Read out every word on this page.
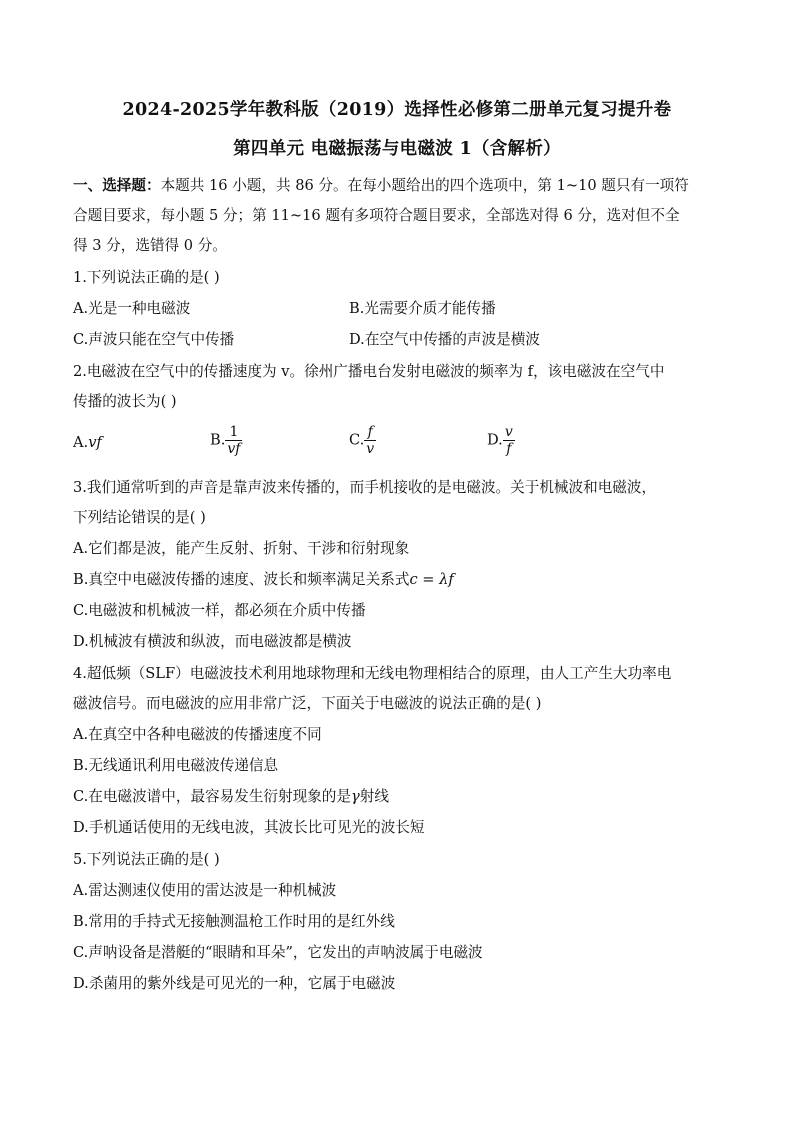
2024-2025学年教科版（2019）选择性必修第二册单元复习提升卷
第四单元 电磁振荡与电磁波 1（含解析）
一、选择题：本题共 16 小题，共 86 分。在每小题给出的四个选项中，第 1~10 题只有一项符
合题目要求，每小题 5 分；第 11~16 题有多项符合题目要求，全部选对得 6 分，选对但不全
得 3 分，选错得 0 分。
1.下列说法正确的是( )
A.光是一种电磁波	B.光需要介质才能传播
C.声波只能在空气中传播	D.在空气中传播的声波是横波
2.电磁波在空气中的传播速度为 v。徐州广播电台发射电磁波的频率为 f，该电磁波在空气中
传播的波长为( )
A.vf	B. $\frac{1}{vf}$	C. $\frac{f}{v}$	D. $\frac{v}{f}$
3.我们通常听到的声音是靠声波来传播的，而手机接收的是电磁波。关于机械波和电磁波，
下列结论错误的是( )
A.它们都是波，能产生反射、折射、干涉和衍射现象
B.真空中电磁波传播的速度、波长和频率满足关系式c = λf
C.电磁波和机械波一样，都必须在介质中传播
D.机械波有横波和纵波，而电磁波都是横波
4.超低频（SLF）电磁波技术利用地球物理和无线电物理相结合的原理，由人工产生大功率电
磁波信号。而电磁波的应用非常广泛，下面关于电磁波的说法正确的是( )
A.在真空中各种电磁波的传播速度不同
B.无线通讯利用电磁波传递信息
C.在电磁波谱中，最容易发生衍射现象的是γ射线
D.手机通话使用的无线电波，其波长比可见光的波长短
5.下列说法正确的是( )
A.雷达测速仪使用的雷达波是一种机械波
B.常用的手持式无接触测温枪工作时用的是红外线
C.声呐设备是潜艇的“眼睛和耳朵”，它发出的声呐波属于电磁波
D.杀菌用的紫外线是可见光的一种，它属于电磁波
